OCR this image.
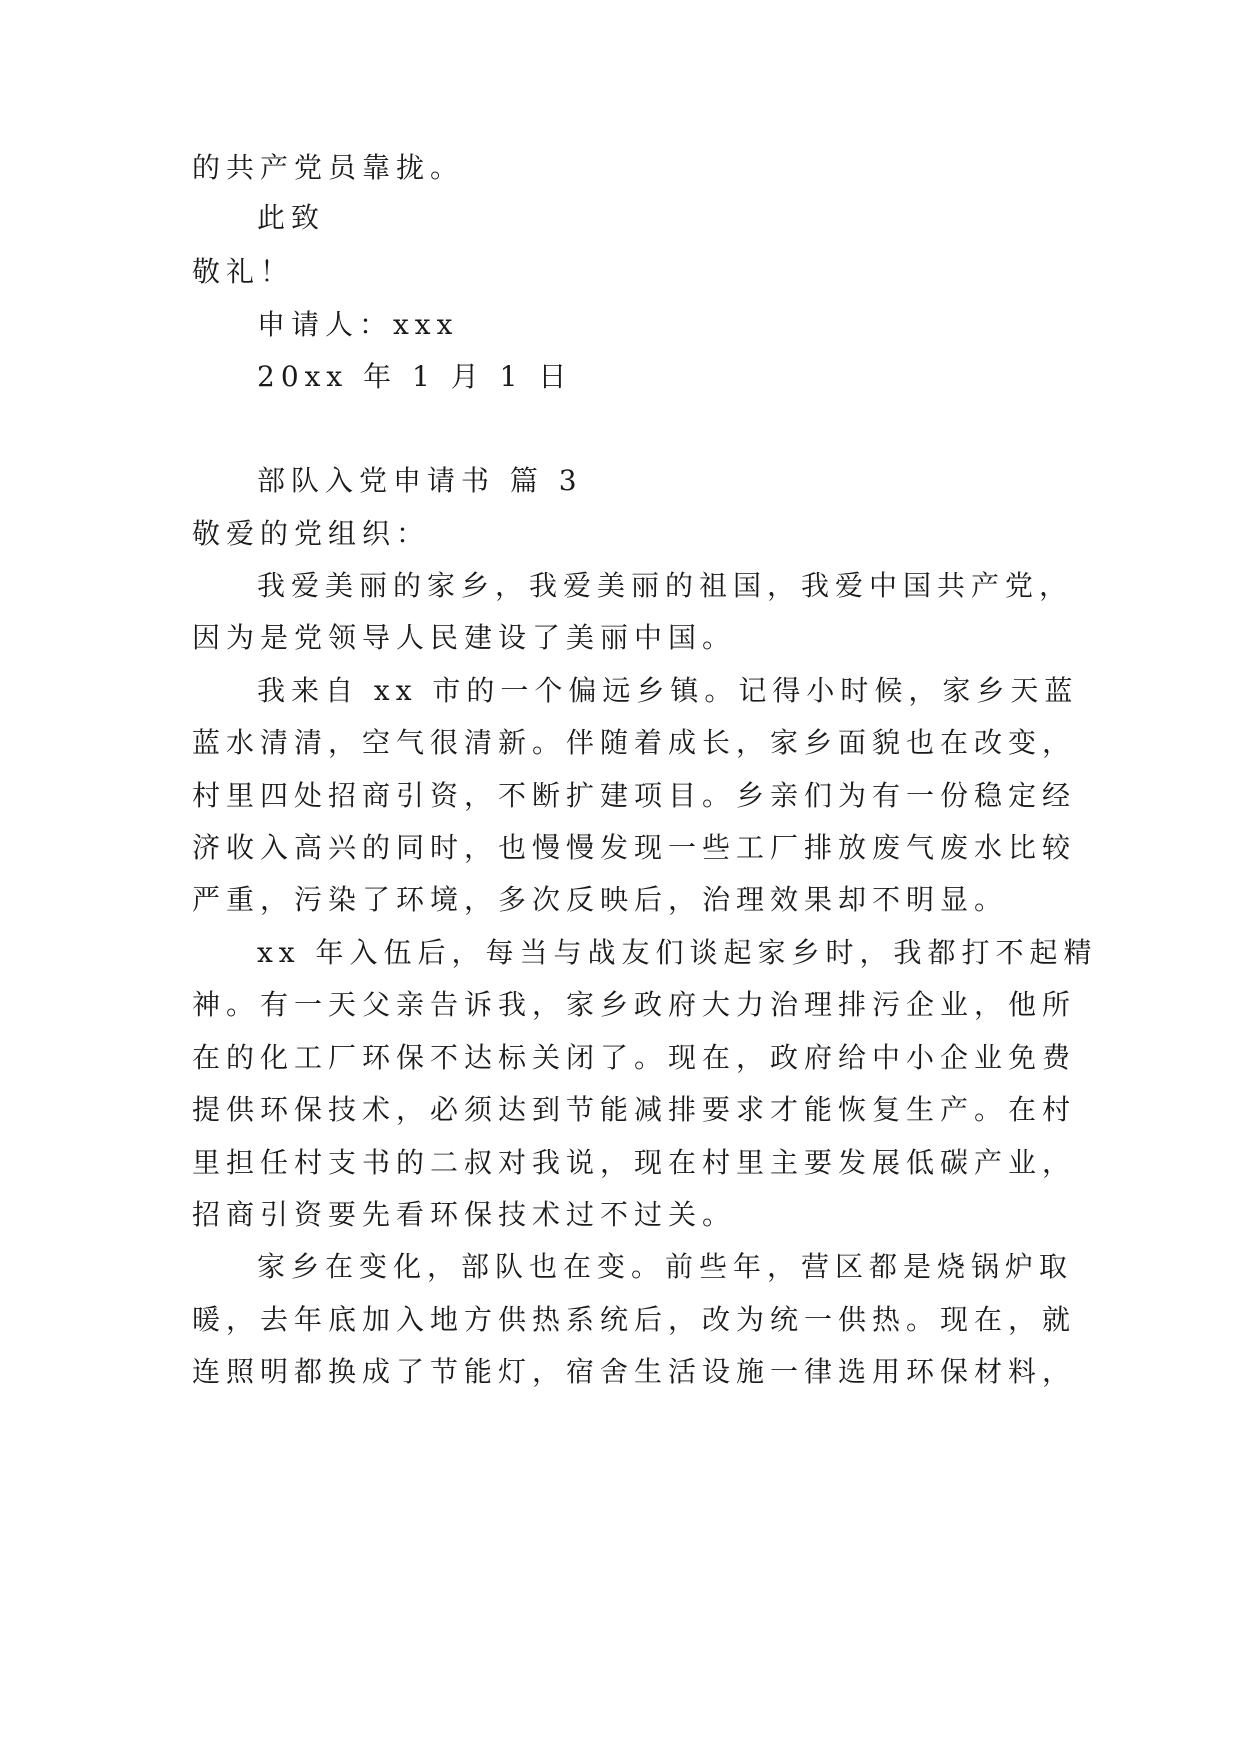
的共产党员靠拢。
此致
敬礼！
申请人：xxx
20xx 年 1 月 1 日
部队入党申请书 篇 3
敬爱的党组织：
我爱美丽的家乡，我爱美丽的祖国，我爱中国共产党，
因为是党领导人民建设了美丽中国。
我来自 xx 市的一个偏远乡镇。记得小时候，家乡天蓝
蓝水清清，空气很清新。伴随着成长，家乡面貌也在改变，
村里四处招商引资，不断扩建项目。乡亲们为有一份稳定经
济收入高兴的同时，也慢慢发现一些工厂排放废气废水比较
严重，污染了环境，多次反映后，治理效果却不明显。
xx 年入伍后，每当与战友们谈起家乡时，我都打不起精
神。有一天父亲告诉我，家乡政府大力治理排污企业，他所
在的化工厂环保不达标关闭了。现在，政府给中小企业免费
提供环保技术，必须达到节能减排要求才能恢复生产。在村
里担任村支书的二叔对我说，现在村里主要发展低碳产业，
招商引资要先看环保技术过不过关。
家乡在变化，部队也在变。前些年，营区都是烧锅炉取
暖，去年底加入地方供热系统后，改为统一供热。现在，就
连照明都换成了节能灯，宿舍生活设施一律选用环保材料，
